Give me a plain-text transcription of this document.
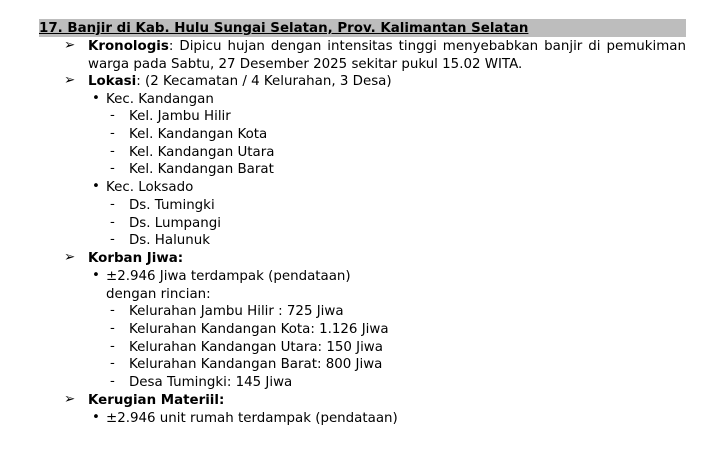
17. Banjir di Kab. Hulu Sungai Selatan, Prov. Kalimantan Selatan
➢ Kronologis: Dipicu hujan dengan intensitas tinggi menyebabkan banjir di pemukiman warga pada Sabtu, 27 Desember 2025 sekitar pukul 15.02 WITA.
➢ Lokasi: (2 Kecamatan / 4 Kelurahan, 3 Desa)
• Kec. Kandangan
-	Kel. Jambu Hilir
-	Kel. Kandangan Kota
-	Kel. Kandangan Utara
-	Kel. Kandangan Barat
• Kec. Loksado
-	Ds. Tumingki
-	Ds. Lumpangi
-	Ds. Halunuk
➢ Korban Jiwa:
• ±2.946 Jiwa terdampak (pendataan)
dengan rincian:
-	Kelurahan Jambu Hilir : 725 Jiwa
-	Kelurahan Kandangan Kota: 1.126 Jiwa
-	Kelurahan Kandangan Utara: 150 Jiwa
-	Kelurahan Kandangan Barat: 800 Jiwa
-	Desa Tumingki: 145 Jiwa
➢ Kerugian Materiil:
• ±2.946 unit rumah terdampak (pendataan)
